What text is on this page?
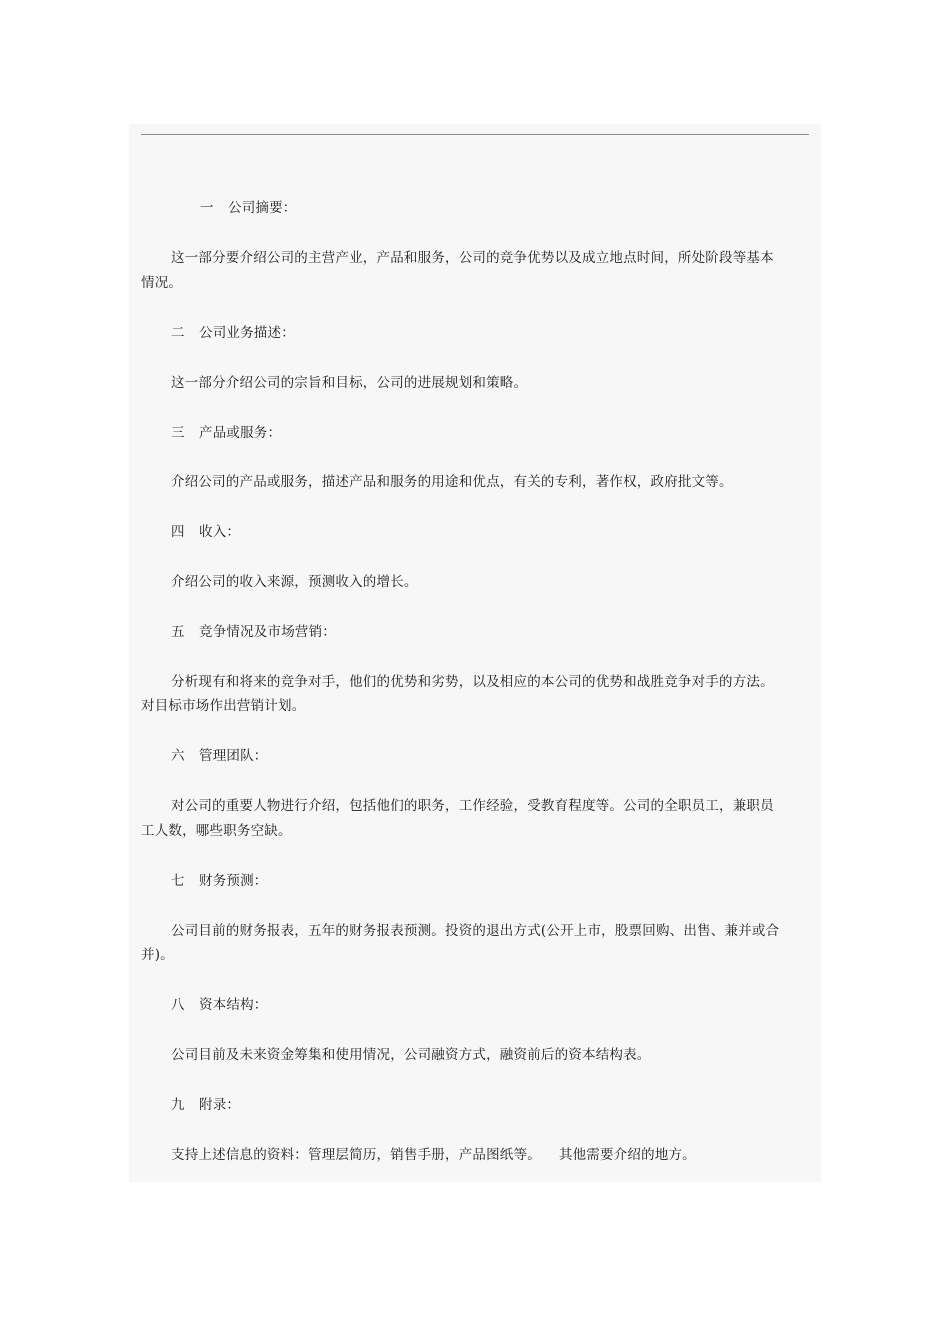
一 公司摘要：
这一部分要介绍公司的主营产业，产品和服务，公司的竞争优势以及成立地点时间，所处阶段等基本
情况。
二 公司业务描述：
这一部分介绍公司的宗旨和目标，公司的进展规划和策略。
三 产品或服务：
介绍公司的产品或服务，描述产品和服务的用途和优点，有关的专利，著作权，政府批文等。
四 收入：
介绍公司的收入来源，预测收入的增长。
五 竞争情况及市场营销：
分析现有和将来的竞争对手，他们的优势和劣势，以及相应的本公司的优势和战胜竞争对手的方法。
对目标市场作出营销计划。
六 管理团队：
对公司的重要人物进行介绍，包括他们的职务，工作经验，受教育程度等。公司的全职员工，兼职员
工人数，哪些职务空缺。
七 财务预测：
公司目前的财务报表，五年的财务报表预测。投资的退出方式(公开上市，股票回购、出售、兼并或合
并)。
八 资本结构：
公司目前及未来资金筹集和使用情况，公司融资方式，融资前后的资本结构表。
九 附录：
支持上述信息的资料：管理层简历，销售手册，产品图纸等。    其他需要介绍的地方。
